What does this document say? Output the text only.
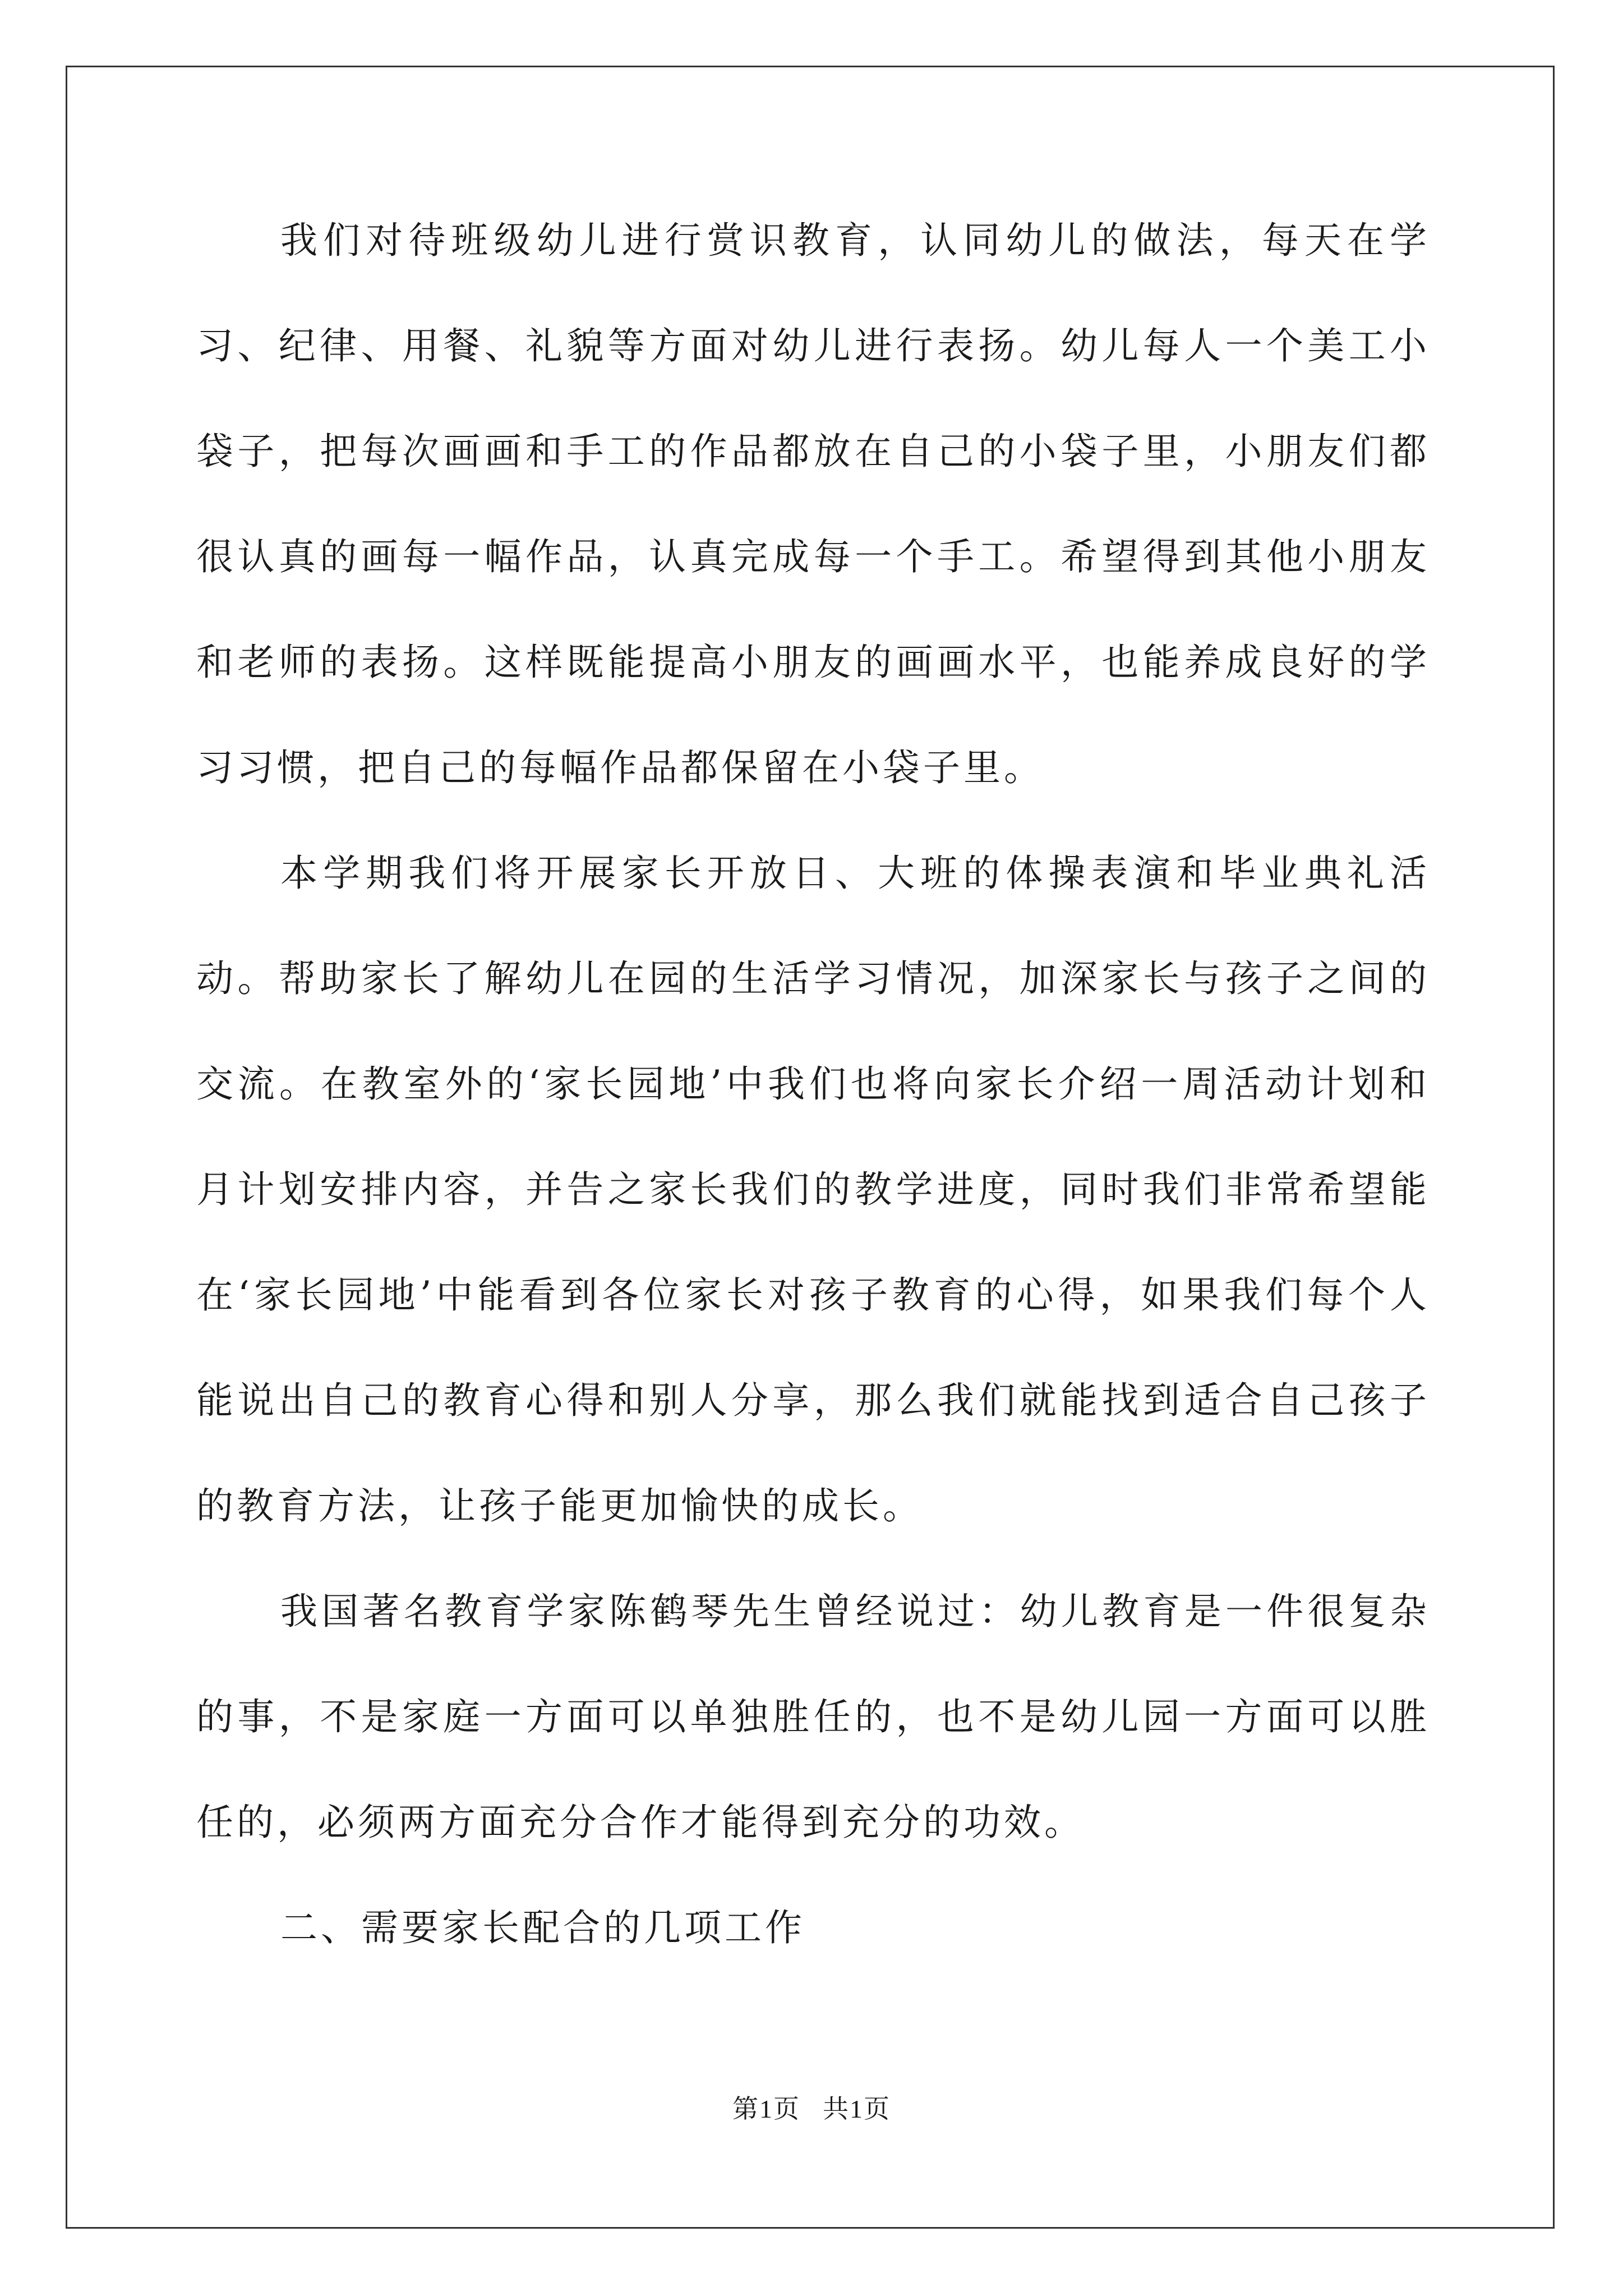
我们对待班级幼儿进行赏识教育，认同幼儿的做法，每天在学习、纪律、用餐、礼貌等方面对幼儿进行表扬。幼儿每人一个美工小袋子，把每次画画和手工的作品都放在自己的小袋子里，小朋友们都很认真的画每一幅作品，认真完成每一个手工。希望得到其他小朋友和老师的表扬。这样既能提高小朋友的画画水平，也能养成良好的学习习惯，把自己的每幅作品都保留在小袋子里。

本学期我们将开展家长开放日、大班的体操表演和毕业典礼活动。帮助家长了解幼儿在园的生活学习情况，加深家长与孩子之间的交流。在教室外的‘家长园地’中我们也将向家长介绍一周活动计划和月计划安排内容，并告之家长我们的教学进度，同时我们非常希望能在‘家长园地’中能看到各位家长对孩子教育的心得，如果我们每个人能说出自己的教育心得和别人分享，那么我们就能找到适合自己孩子的教育方法，让孩子能更加愉快的成长。

我国著名教育学家陈鹤琴先生曾经说过：幼儿教育是一件很复杂的事，不是家庭一方面可以单独胜任的，也不是幼儿园一方面可以胜任的，必须两方面充分合作才能得到充分的功效。

二、需要家长配合的几项工作

第1页 共1页
